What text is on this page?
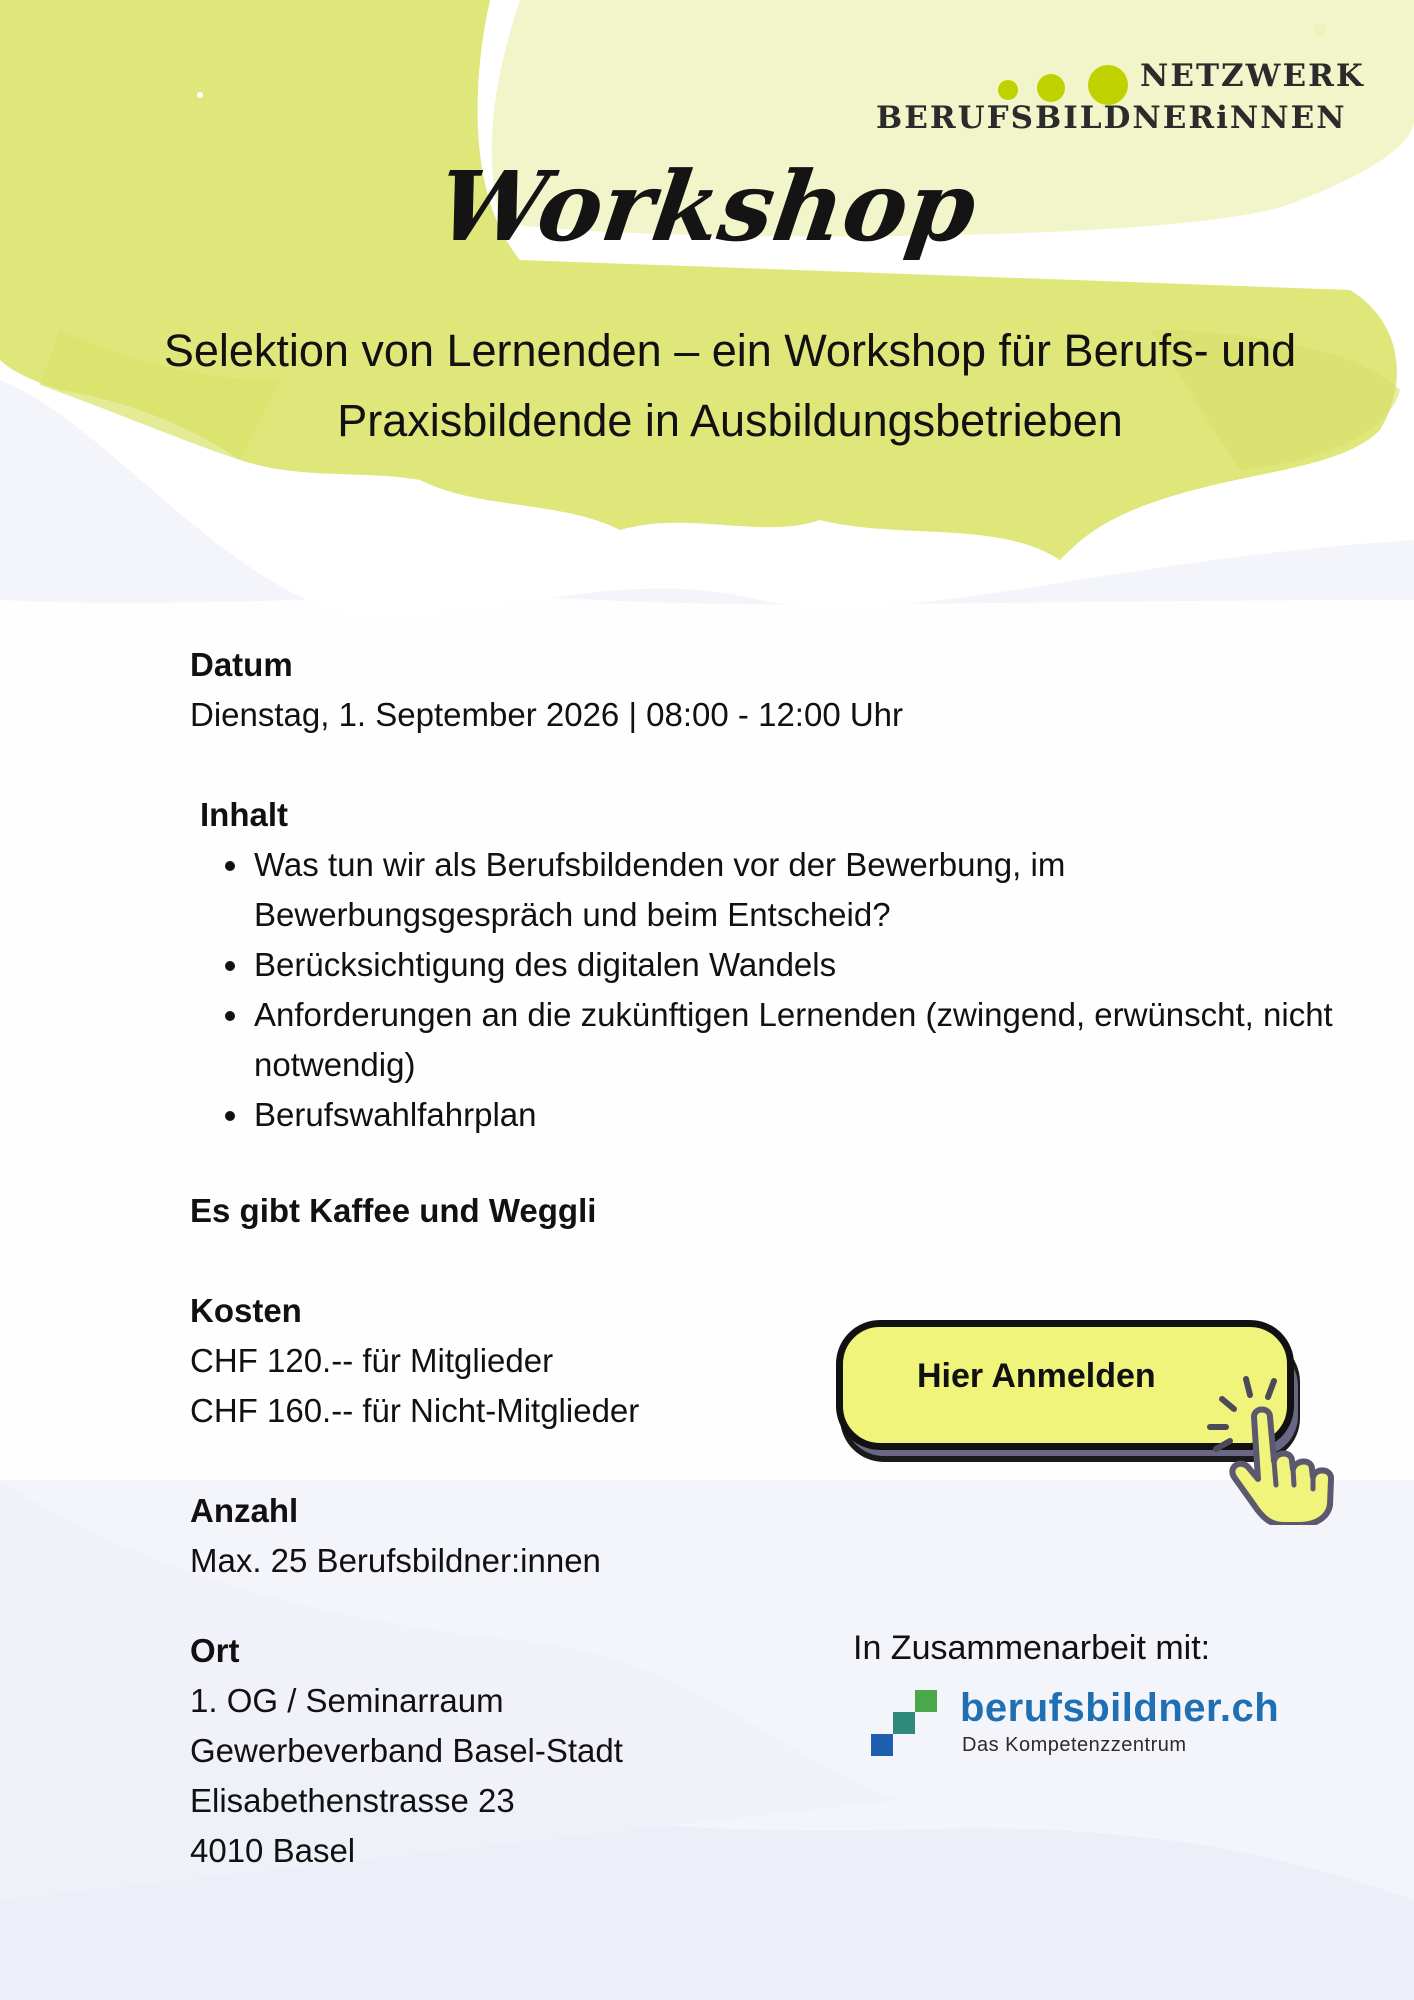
NETZWERK
BERUFSBILDNERiNNEN
Workshop
Selektion von Lernenden – ein Workshop für Berufs- und
Praxisbildende in Ausbildungsbetrieben

Datum

Dienstag, 1. September 2026 | 08:00 - 12:00 Uhr

Inhalt

• Was tun wir als Berufsbildenden vor der Bewerbung, im Bewerbungsgespräch und beim Entscheid?
• Berücksichtigung des digitalen Wandels
• Anforderungen an die zukünftigen Lernenden (zwingend, erwünscht, nicht notwendig)
• Berufswahlfahrplan

Es gibt Kaffee und Weggli

Kosten

CHF 120.-- für Mitglieder

CHF 160.-- für Nicht-Mitglieder

Anzahl

Max. 25 Berufsbildner:innen

Ort

1. OG / Seminarraum

Gewerbeverband Basel-Stadt

Elisabethenstrasse 23

4010 Basel

Hier Anmelden
In Zusammenarbeit mit:
berufsbildner.ch
Das Kompetenzzentrum
